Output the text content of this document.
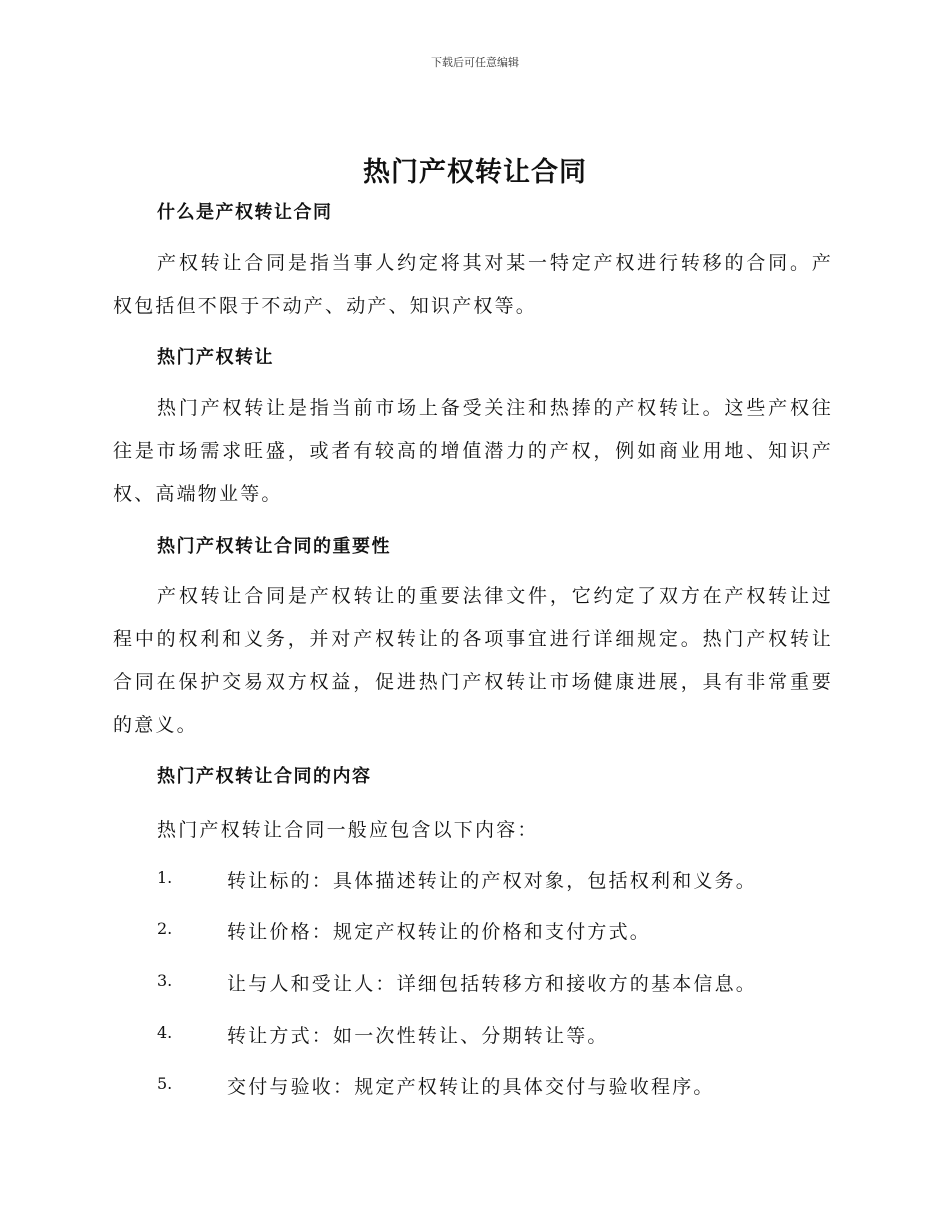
下载后可任意编辑
热门产权转让合同
什么是产权转让合同

产权转让合同是指当事人约定将其对某一特定产权进行转移的合同。产权包括但不限于不动产、动产、知识产权等。

热门产权转让

热门产权转让是指当前市场上备受关注和热捧的产权转让。这些产权往往是市场需求旺盛，或者有较高的增值潜力的产权，例如商业用地、知识产权、高端物业等。

热门产权转让合同的重要性

产权转让合同是产权转让的重要法律文件，它约定了双方在产权转让过程中的权利和义务，并对产权转让的各项事宜进行详细规定。热门产权转让合同在保护交易双方权益，促进热门产权转让市场健康进展，具有非常重要的意义。

热门产权转让合同的内容

热门产权转让合同一般应包含以下内容：

1.	转让标的：具体描述转让的产权对象，包括权利和义务。
2.	转让价格：规定产权转让的价格和支付方式。
3.	让与人和受让人：详细包括转移方和接收方的基本信息。
4.	转让方式：如一次性转让、分期转让等。
5.	交付与验收：规定产权转让的具体交付与验收程序。
